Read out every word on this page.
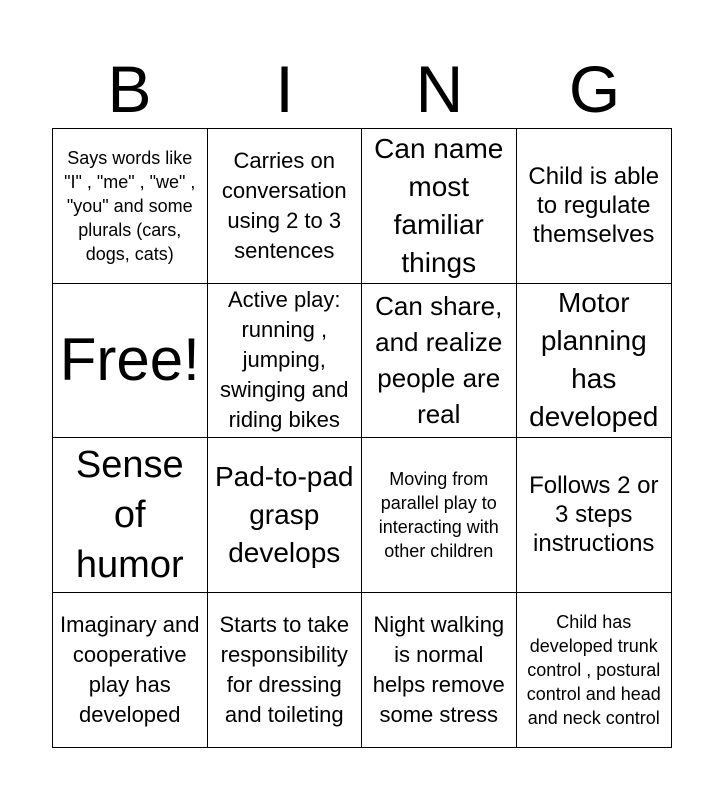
B	I	N	G
Says words like "I" , "me" , "we" , "you" and some plurals (cars, dogs, cats)
Carries on conversation using 2 to 3 sentences
Can name most familiar things
Child is able to regulate themselves
Free!
Active play: running , jumping, swinging and riding bikes
Can share, and realize people are real
Motor planning has developed
Sense of humor
Pad-to-pad grasp develops
Moving from parallel play to interacting with other children
Follows 2 or 3 steps instructions
Imaginary and cooperative play has developed
Starts to take responsibility for dressing and toileting
Night walking is normal helps remove some stress
Child has developed trunk control , postural control and head and neck control
